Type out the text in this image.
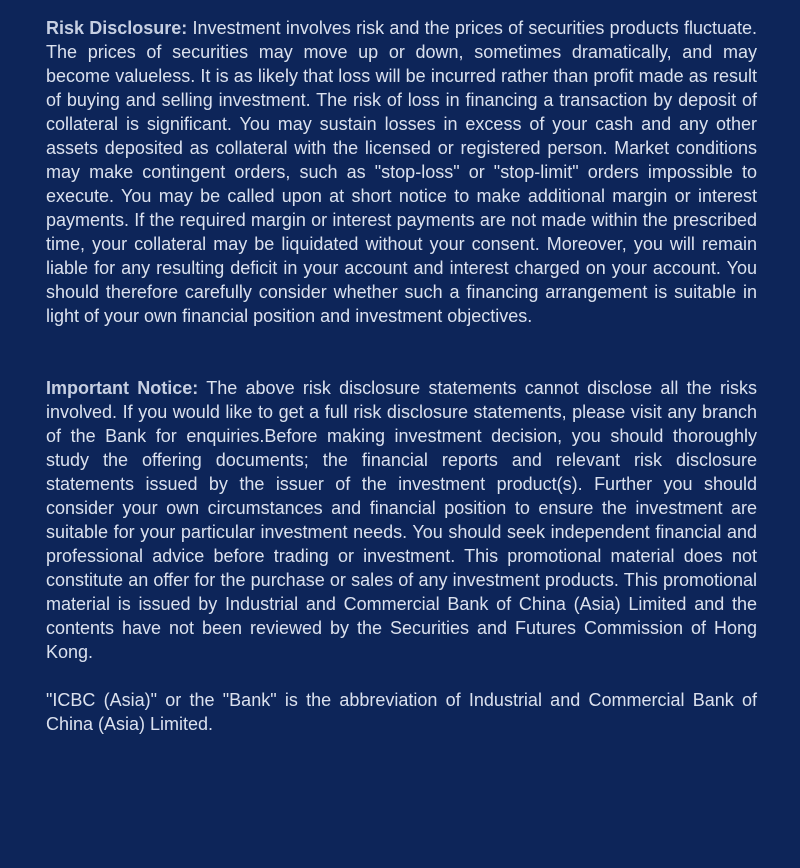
Risk Disclosure: Investment involves risk and the prices of securities products fluctuate. The prices of securities may move up or down, sometimes dramatically, and may become valueless. It is as likely that loss will be incurred rather than profit made as result of buying and selling investment. The risk of loss in financing a transaction by deposit of collateral is significant. You may sustain losses in excess of your cash and any other assets deposited as collateral with the licensed or registered person. Market conditions may make contingent orders, such as "stop-loss" or "stop-limit" orders impossible to execute. You may be called upon at short notice to make additional margin or interest payments. If the required margin or interest payments are not made within the prescribed time, your collateral may be liquidated without your consent. Moreover, you will remain liable for any resulting deficit in your account and interest charged on your account. You should therefore carefully consider whether such a financing arrangement is suitable in light of your own financial position and investment objectives.

Important Notice: The above risk disclosure statements cannot disclose all the risks involved. If you would like to get a full risk disclosure statements, please visit any branch of the Bank for enquiries.Before making investment decision, you should thoroughly study the offering documents; the financial reports and relevant risk disclosure statements issued by the issuer of the investment product(s). Further you should consider your own circumstances and financial position to ensure the investment are suitable for your particular investment needs. You should seek independent financial and professional advice before trading or investment. This promotional material does not constitute an offer for the purchase or sales of any investment products. This promotional material is issued by Industrial and Commercial Bank of China (Asia) Limited and the contents have not been reviewed by the Securities and Futures Commission of Hong Kong.

"ICBC (Asia)" or the "Bank" is the abbreviation of Industrial and Commercial Bank of China (Asia) Limited.
